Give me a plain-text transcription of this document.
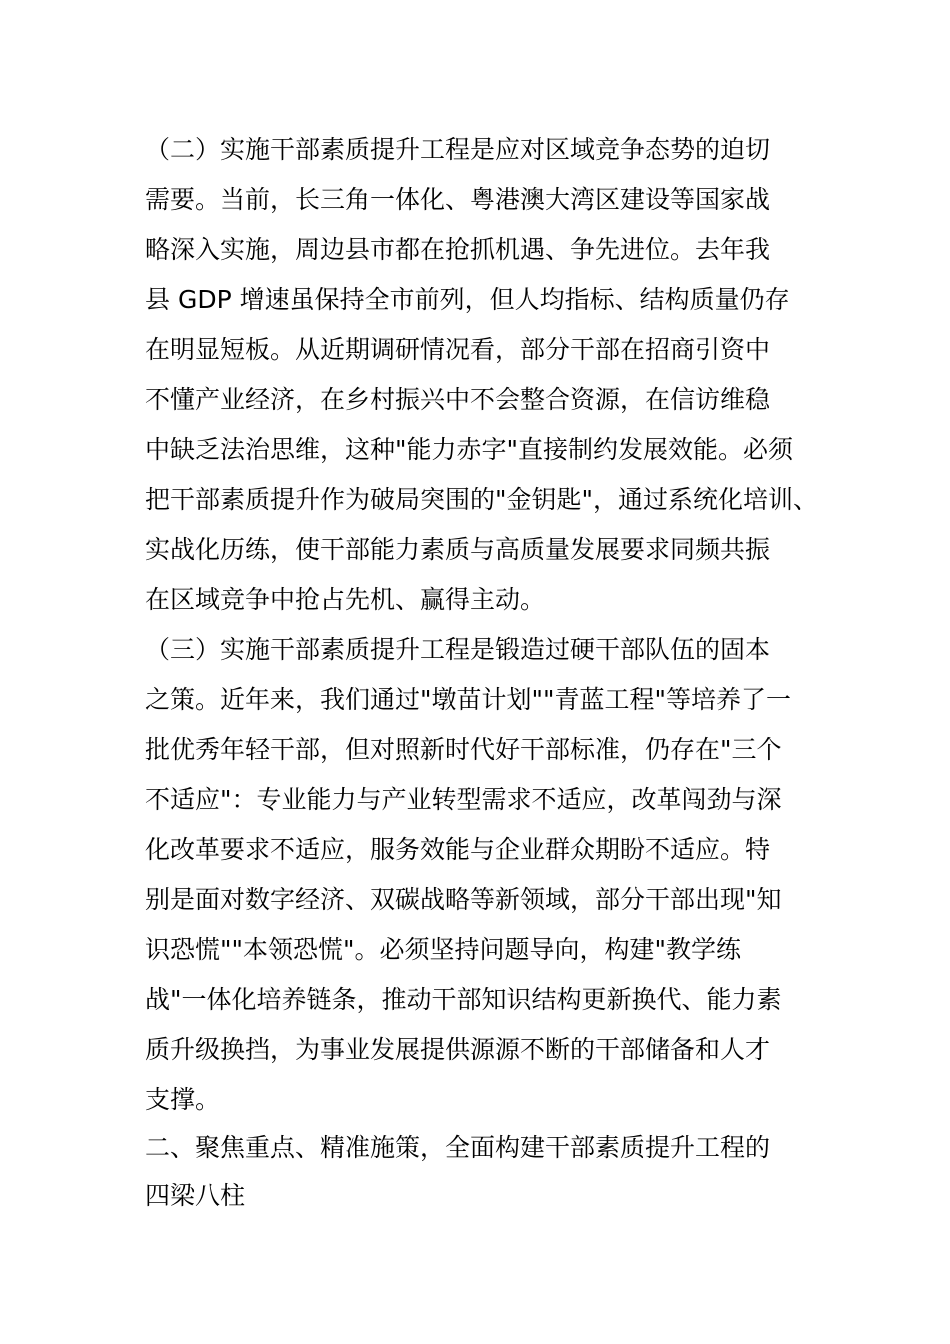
（二）实施干部素质提升工程是应对区域竞争态势的迫切
需要。当前，长三角一体化、粤港澳大湾区建设等国家战
略深入实施，周边县市都在抢抓机遇、争先进位。去年我
县 GDP 增速虽保持全市前列，但人均指标、结构质量仍存
在明显短板。从近期调研情况看，部分干部在招商引资中
不懂产业经济，在乡村振兴中不会整合资源，在信访维稳
中缺乏法治思维，这种"能力赤字"直接制约发展效能。必须
把干部素质提升作为破局突围的"金钥匙"，通过系统化培训、
实战化历练，使干部能力素质与高质量发展要求同频共振
在区域竞争中抢占先机、赢得主动。
（三）实施干部素质提升工程是锻造过硬干部队伍的固本
之策。近年来，我们通过"墩苗计划""青蓝工程"等培养了一
批优秀年轻干部，但对照新时代好干部标准，仍存在"三个
不适应"：专业能力与产业转型需求不适应，改革闯劲与深
化改革要求不适应，服务效能与企业群众期盼不适应。特
别是面对数字经济、双碳战略等新领域，部分干部出现"知
识恐慌""本领恐慌"。必须坚持问题导向，构建"教学练
战"一体化培养链条，推动干部知识结构更新换代、能力素
质升级换挡，为事业发展提供源源不断的干部储备和人才
支撑。
二、聚焦重点、精准施策，全面构建干部素质提升工程的
四梁八柱
